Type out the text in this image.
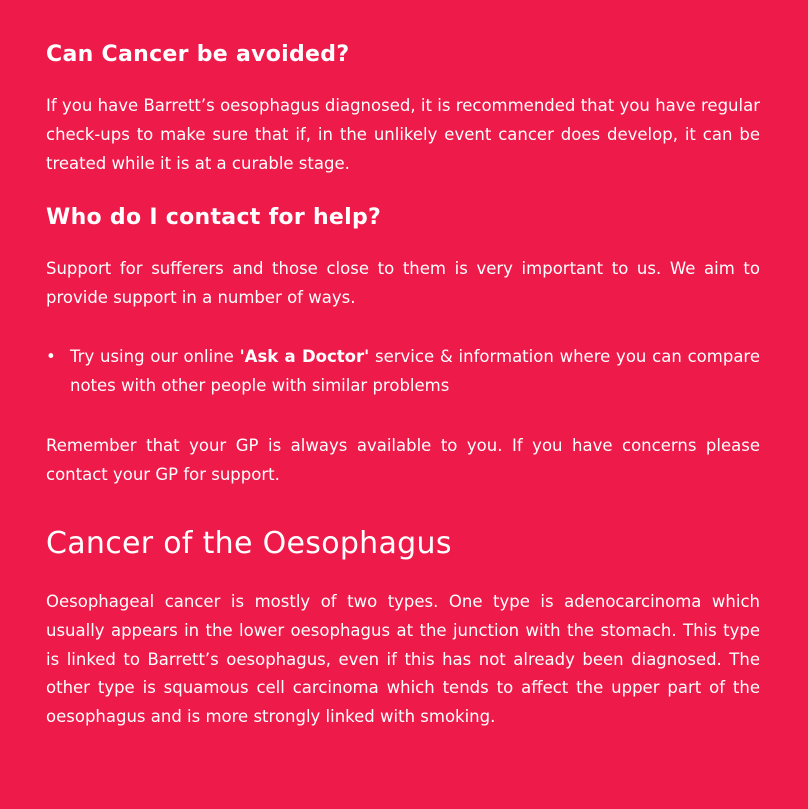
Can Cancer be avoided?

If you have Barrett’s oesophagus diagnosed, it is recommended that you have regular check-ups to make sure that if, in the unlikely event cancer does develop, it can be treated while it is at a curable stage.

Who do I contact for help?

Support for sufferers and those close to them is very important to us. We aim to provide support in a number of ways.

• Try using our online 'Ask a Doctor' service & information where you can compare notes with other people with similar problems

Remember that your GP is always available to you. If you have concerns please contact your GP for support.

Cancer of the Oesophagus

Oesophageal cancer is mostly of two types. One type is adenocarcinoma which usually appears in the lower oesophagus at the junction with the stomach. This type is linked to Barrett’s oesophagus, even if this has not already been diagnosed. The other type is squamous cell carcinoma which tends to affect the upper part of the oesophagus and is more strongly linked with smoking.
